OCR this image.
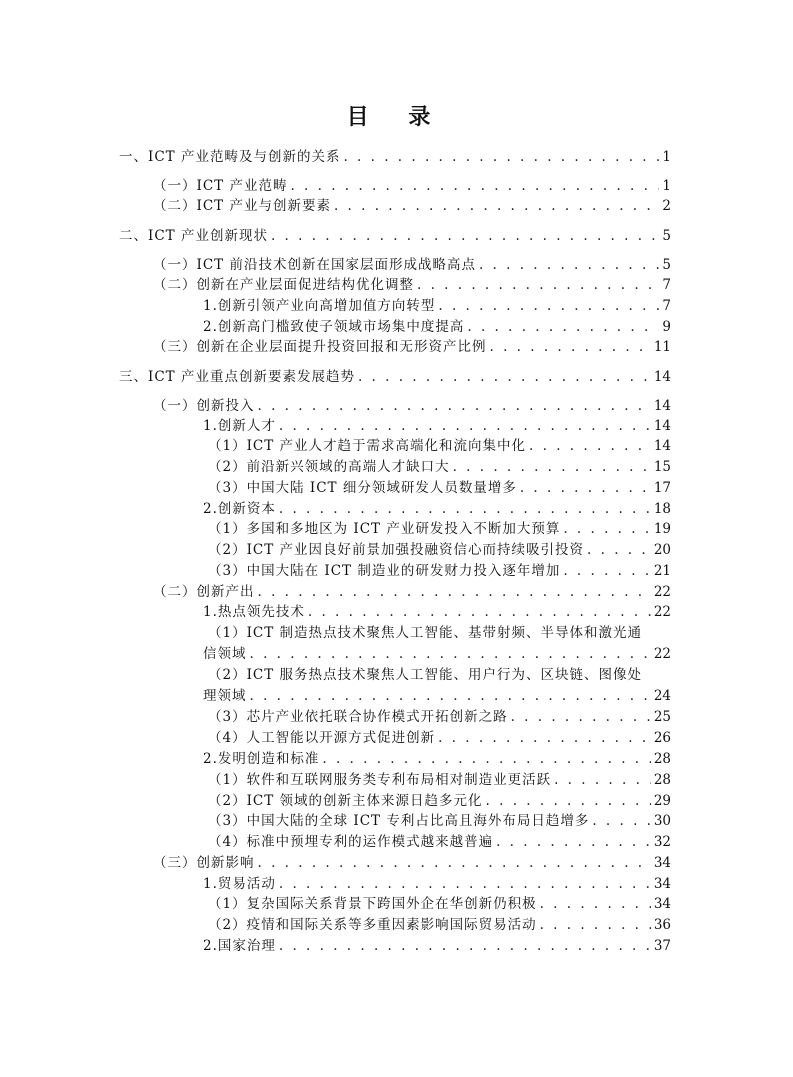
目 录
一、ICT 产业范畴及与创新的关系 . . .	1
（一）ICT 产业范畴 . . .	1
（二）ICT 产业与创新要素 . . .	2
二、ICT 产业创新现状 . . .	5
（一）ICT 前沿技术创新在国家层面形成战略高点 . . .	5
（二）创新在产业层面促进结构优化调整 . . .	7
1.创新引领产业向高增加值方向转型 . . .	7
2.创新高门槛致使子领域市场集中度提高 . . .	9
（三）创新在企业层面提升投资回报和无形资产比例 . . .	11
三、ICT 产业重点创新要素发展趋势 . . .	14
（一）创新投入 . . .	14
1.创新人才 . . .	14
（1）ICT 产业人才趋于需求高端化和流向集中化 . . .	14
（2）前沿新兴领域的高端人才缺口大 . . .	15
（3）中国大陆 ICT 细分领域研发人员数量增多 . . .	17
2.创新资本 . . .	18
（1）多国和多地区为 ICT 产业研发投入不断加大预算 . . .	19
（2）ICT 产业因良好前景加强投融资信心而持续吸引投资 . . .	20
（3）中国大陆在 ICT 制造业的研发财力投入逐年增加 . . .	21
（二）创新产出 . . .	22
1.热点领先技术 . . .	22
（1）ICT 制造热点技术聚焦人工智能、基带射频、半导体和激光通
信领域 . . .	22
（2）ICT 服务热点技术聚焦人工智能、用户行为、区块链、图像处
理领域 . . .	24
（3）芯片产业依托联合协作模式开拓创新之路 . . .	25
（4）人工智能以开源方式促进创新 . . .	26
2.发明创造和标准 . . .	28
（1）软件和互联网服务类专利布局相对制造业更活跃 . . .	28
（2）ICT 领域的创新主体来源日趋多元化 . . .	29
（3）中国大陆的全球 ICT 专利占比高且海外布局日趋增多 . . .	30
（4）标准中预埋专利的运作模式越来越普遍 . . .	32
（三）创新影响 . . .	34
1.贸易活动 . . .	34
（1）复杂国际关系背景下跨国外企在华创新仍积极 . . .	34
（2）疫情和国际关系等多重因素影响国际贸易活动 . . .	36
2.国家治理 . . .	37
